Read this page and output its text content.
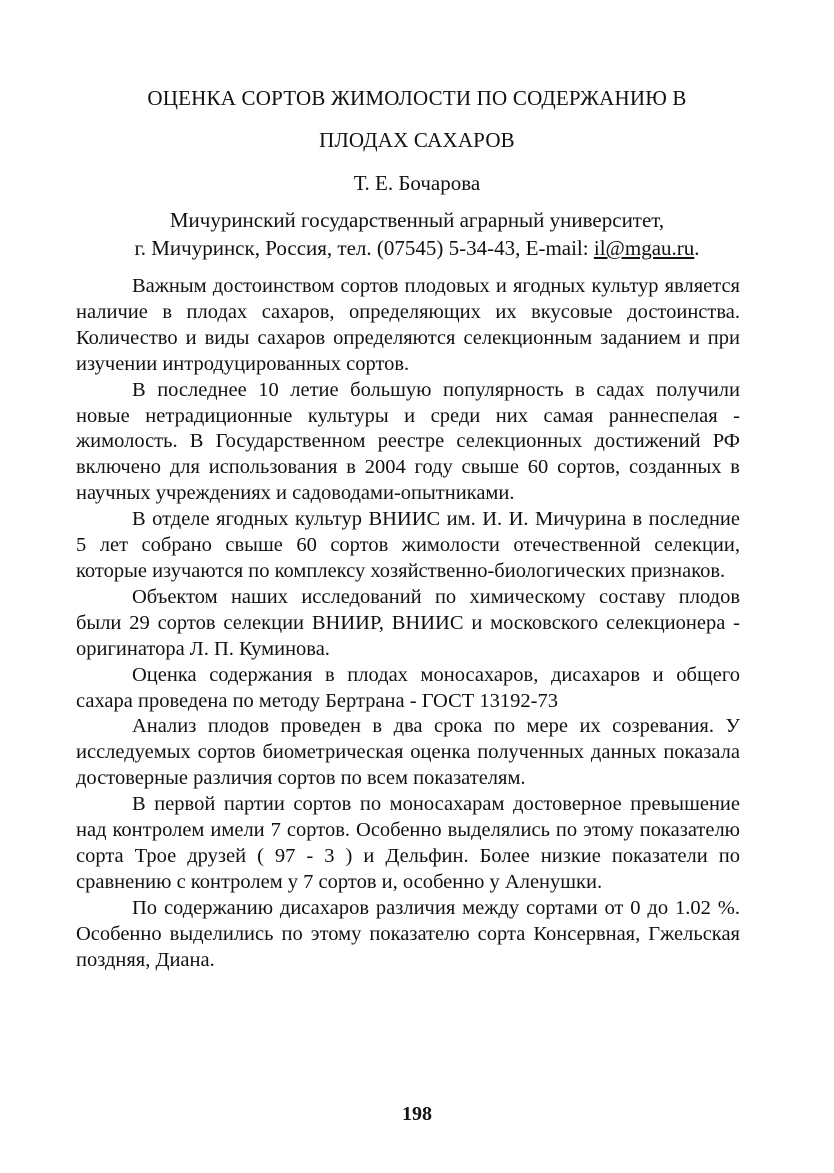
ОЦЕНКА СОРТОВ ЖИМОЛОСТИ ПО СОДЕРЖАНИЮ В
ПЛОДАХ САХАРОВ
Т. Е. Бочарова
Мичуринский государственный аграрный университет,
г. Мичуринск, Россия, тел. (07545) 5-34-43, E-mail: il@mgau.ru.

Важным достоинством сортов плодовых и ягодных культур является наличие в плодах сахаров, определяющих их вкусовые достоинства. Количество и виды сахаров определяются селекционным заданием и при изучении интродуцированных сортов.

В последнее 10 летие большую популярность в садах получили новые нетрадиционные культуры и среди них самая раннеспелая - жимолость. В Государственном реестре селекционных достижений РФ включено для использования в 2004 году свыше 60 сортов, созданных в научных учреждениях и садоводами-опытниками.

В отделе ягодных культур ВНИИС им. И. И. Мичурина в последние 5 лет собрано свыше 60 сортов жимолости отечественной селекции, которые изучаются по комплексу хозяйственно-биологических признаков.

Объектом наших исследований по химическому составу плодов были 29 сортов селекции ВНИИР, ВНИИС и московского селекционера - оригинатора Л. П. Куминова.

Оценка содержания в плодах моносахаров, дисахаров и общего сахара проведена по методу Бертрана - ГОСТ 13192-73

Анализ плодов проведен в два срока по мере их созревания. У исследуемых сортов биометрическая оценка полученных данных показала достоверные различия сортов по всем показателям.

В первой партии сортов по моносахарам достоверное превышение над контролем имели 7 сортов. Особенно выделялись по этому показателю сорта Трое друзей ( 97 - 3 ) и Дельфин. Более низкие показатели по сравнению с контролем у 7 сортов и, особенно у Аленушки.

По содержанию дисахаров различия между сортами от 0 до 1.02 %. Особенно выделились по этому показателю сорта Консервная, Гжельская поздняя, Диана.

198
